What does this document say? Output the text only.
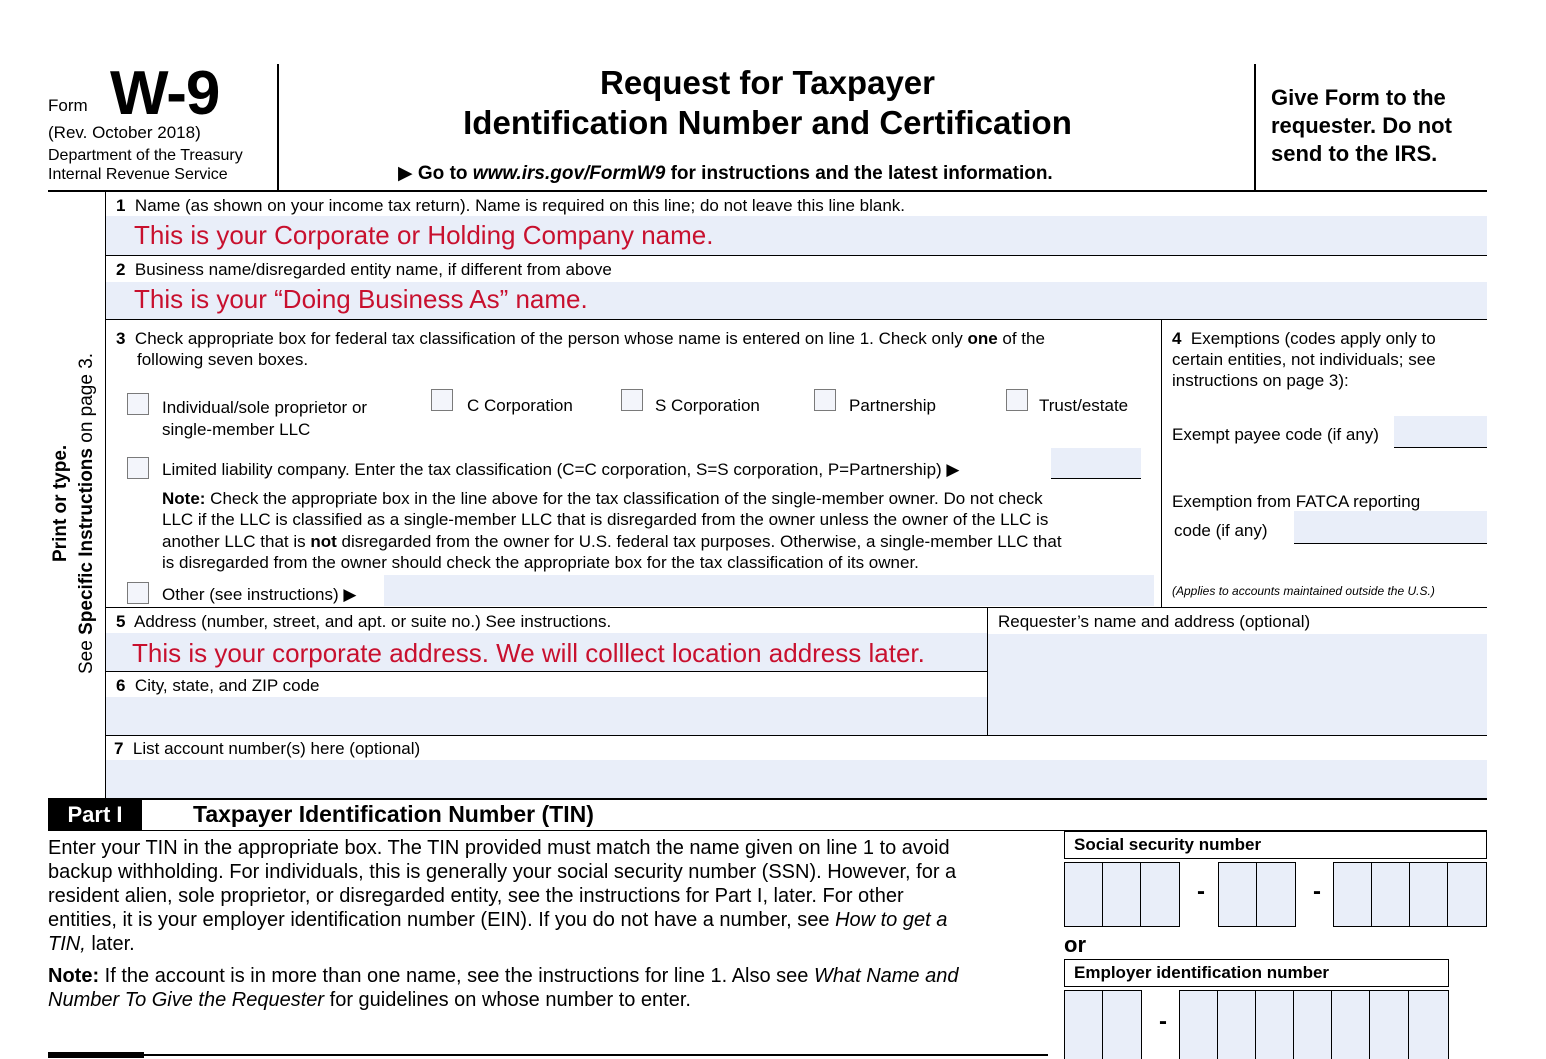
Form W-9
(Rev. October 2018)
Department of the Treasury
Internal Revenue Service
Request for Taxpayer
Identification Number and Certification
▶ Go to www.irs.gov/FormW9 for instructions and the latest information.
Give Form to the
requester. Do not
send to the IRS.
Print or type.
See Specific Instructions on page 3.
1 Name (as shown on your income tax return). Name is required on this line; do not leave this line blank.
This is your Corporate or Holding Company name.
2 Business name/disregarded entity name, if different from above
This is your “Doing Business As” name.
3 Check appropriate box for federal tax classification of the person whose name is entered on line 1. Check only one of the
following seven boxes.
Individual/sole proprietor or
single-member LLC
C Corporation	S Corporation	Partnership	Trust/estate
Limited liability company. Enter the tax classification (C=C corporation, S=S corporation, P=Partnership) ▶
Note: Check the appropriate box in the line above for the tax classification of the single-member owner. Do not check
LLC if the LLC is classified as a single-member LLC that is disregarded from the owner unless the owner of the LLC is
another LLC that is not disregarded from the owner for U.S. federal tax purposes. Otherwise, a single-member LLC that
is disregarded from the owner should check the appropriate box for the tax classification of its owner.
Other (see instructions) ▶
4 Exemptions (codes apply only to
certain entities, not individuals; see
instructions on page 3):
Exempt payee code (if any)
Exemption from FATCA reporting
code (if any)
(Applies to accounts maintained outside the U.S.)
5 Address (number, street, and apt. or suite no.) See instructions.
This is your corporate address. We will colllect location address later.
Requester’s name and address (optional)
6 City, state, and ZIP code
7 List account number(s) here (optional)
Part I	Taxpayer Identification Number (TIN)
Enter your TIN in the appropriate box. The TIN provided must match the name given on line 1 to avoid
backup withholding. For individuals, this is generally your social security number (SSN). However, for a
resident alien, sole proprietor, or disregarded entity, see the instructions for Part I, later. For other
entities, it is your employer identification number (EIN). If you do not have a number, see How to get a
TIN, later.
Note: If the account is in more than one name, see the instructions for line 1. Also see What Name and
Number To Give the Requester for guidelines on whose number to enter.
Social security number
-	-
or
Employer identification number
-
